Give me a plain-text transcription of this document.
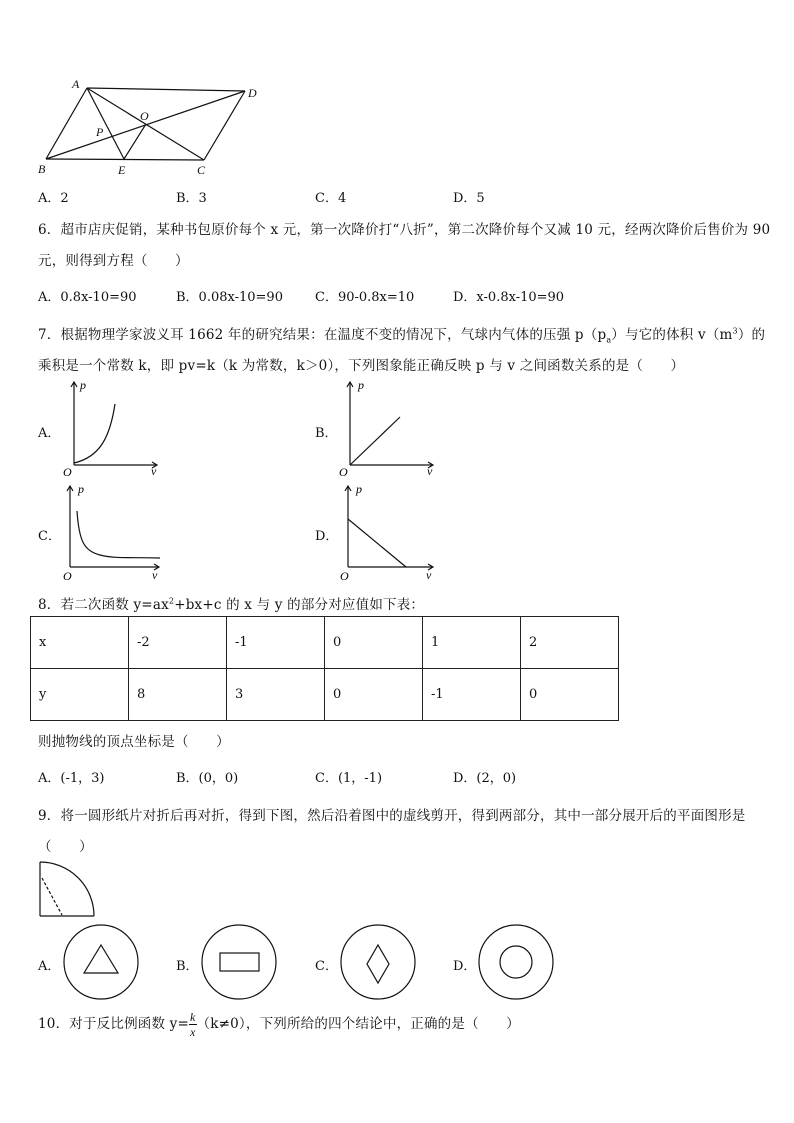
A
D
O
P
B	E	C
A．2	B．3	C．4	D．5
6．超市店庆促销，某种书包原价每个 x 元，第一次降价打“八折”，第二次降价每个又减 10 元，经两次降价后售价为 90
元，则得到方程（　　）
A．0.8x-10=90	B．0.08x-10=90 C．90-0.8x=10	D．x-0.8x-10=90
7．根据物理学家波义耳 1662 年的研究结果：在温度不变的情况下，气球内气体的压强 $p(p_a)$与它的体积 $v(m^3)$的
乘积是一个常数 k，即 pv=k（k 为常数，k＞0），下列图象能正确反映 p 与 v 之间函数关系的是（　　）
A．
p
O	v
B．
p
O	v
C．
p
O	v
D．
p
O	v
8．若二次函数 $y=ax^2+bx+c$ 的 x 与 y 的部分对应值如下表：
x	-2	-1	0	1	2
y	8	3	0	-1	0
则抛物线的顶点坐标是（　　）
A．(-1，3)	B．(0，0)	C．(1，-1)	D．(2，0)
9．将一圆形纸片对折后再对折，得到下图，然后沿着图中的虚线剪开，得到两部分，其中一部分展开后的平面图形是
（　　）
A．	B．	C．	D．
10．对于反比例函数 $y= \frac{k}{x} (k\ne 0)$，下列所给的四个结论中，正确的是（　　）
